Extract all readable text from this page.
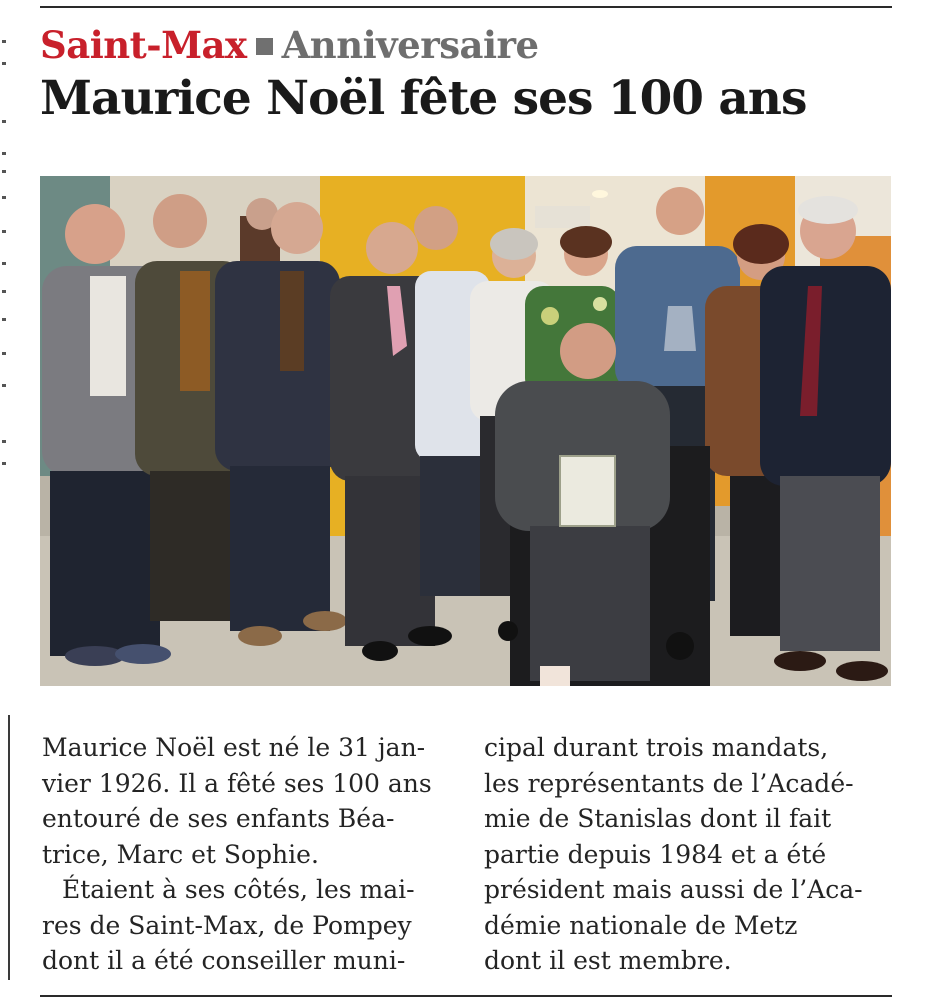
Saint-Max Anniversaire
Maurice Noël fête ses 100 ans

Maurice Noël est né le 31 jan-

vier 1926. Il a fêté ses 100 ans

entouré de ses enfants Béa-

trice, Marc et Sophie.

Étaient à ses côtés, les mai-

res de Saint-Max, de Pompey

dont il a été conseiller muni-

cipal durant trois mandats,

les représentants de l’Acadé-

mie de Stanislas dont il fait

partie depuis 1984 et a été

président mais aussi de l’Aca-

démie nationale de Metz

dont il est membre.
